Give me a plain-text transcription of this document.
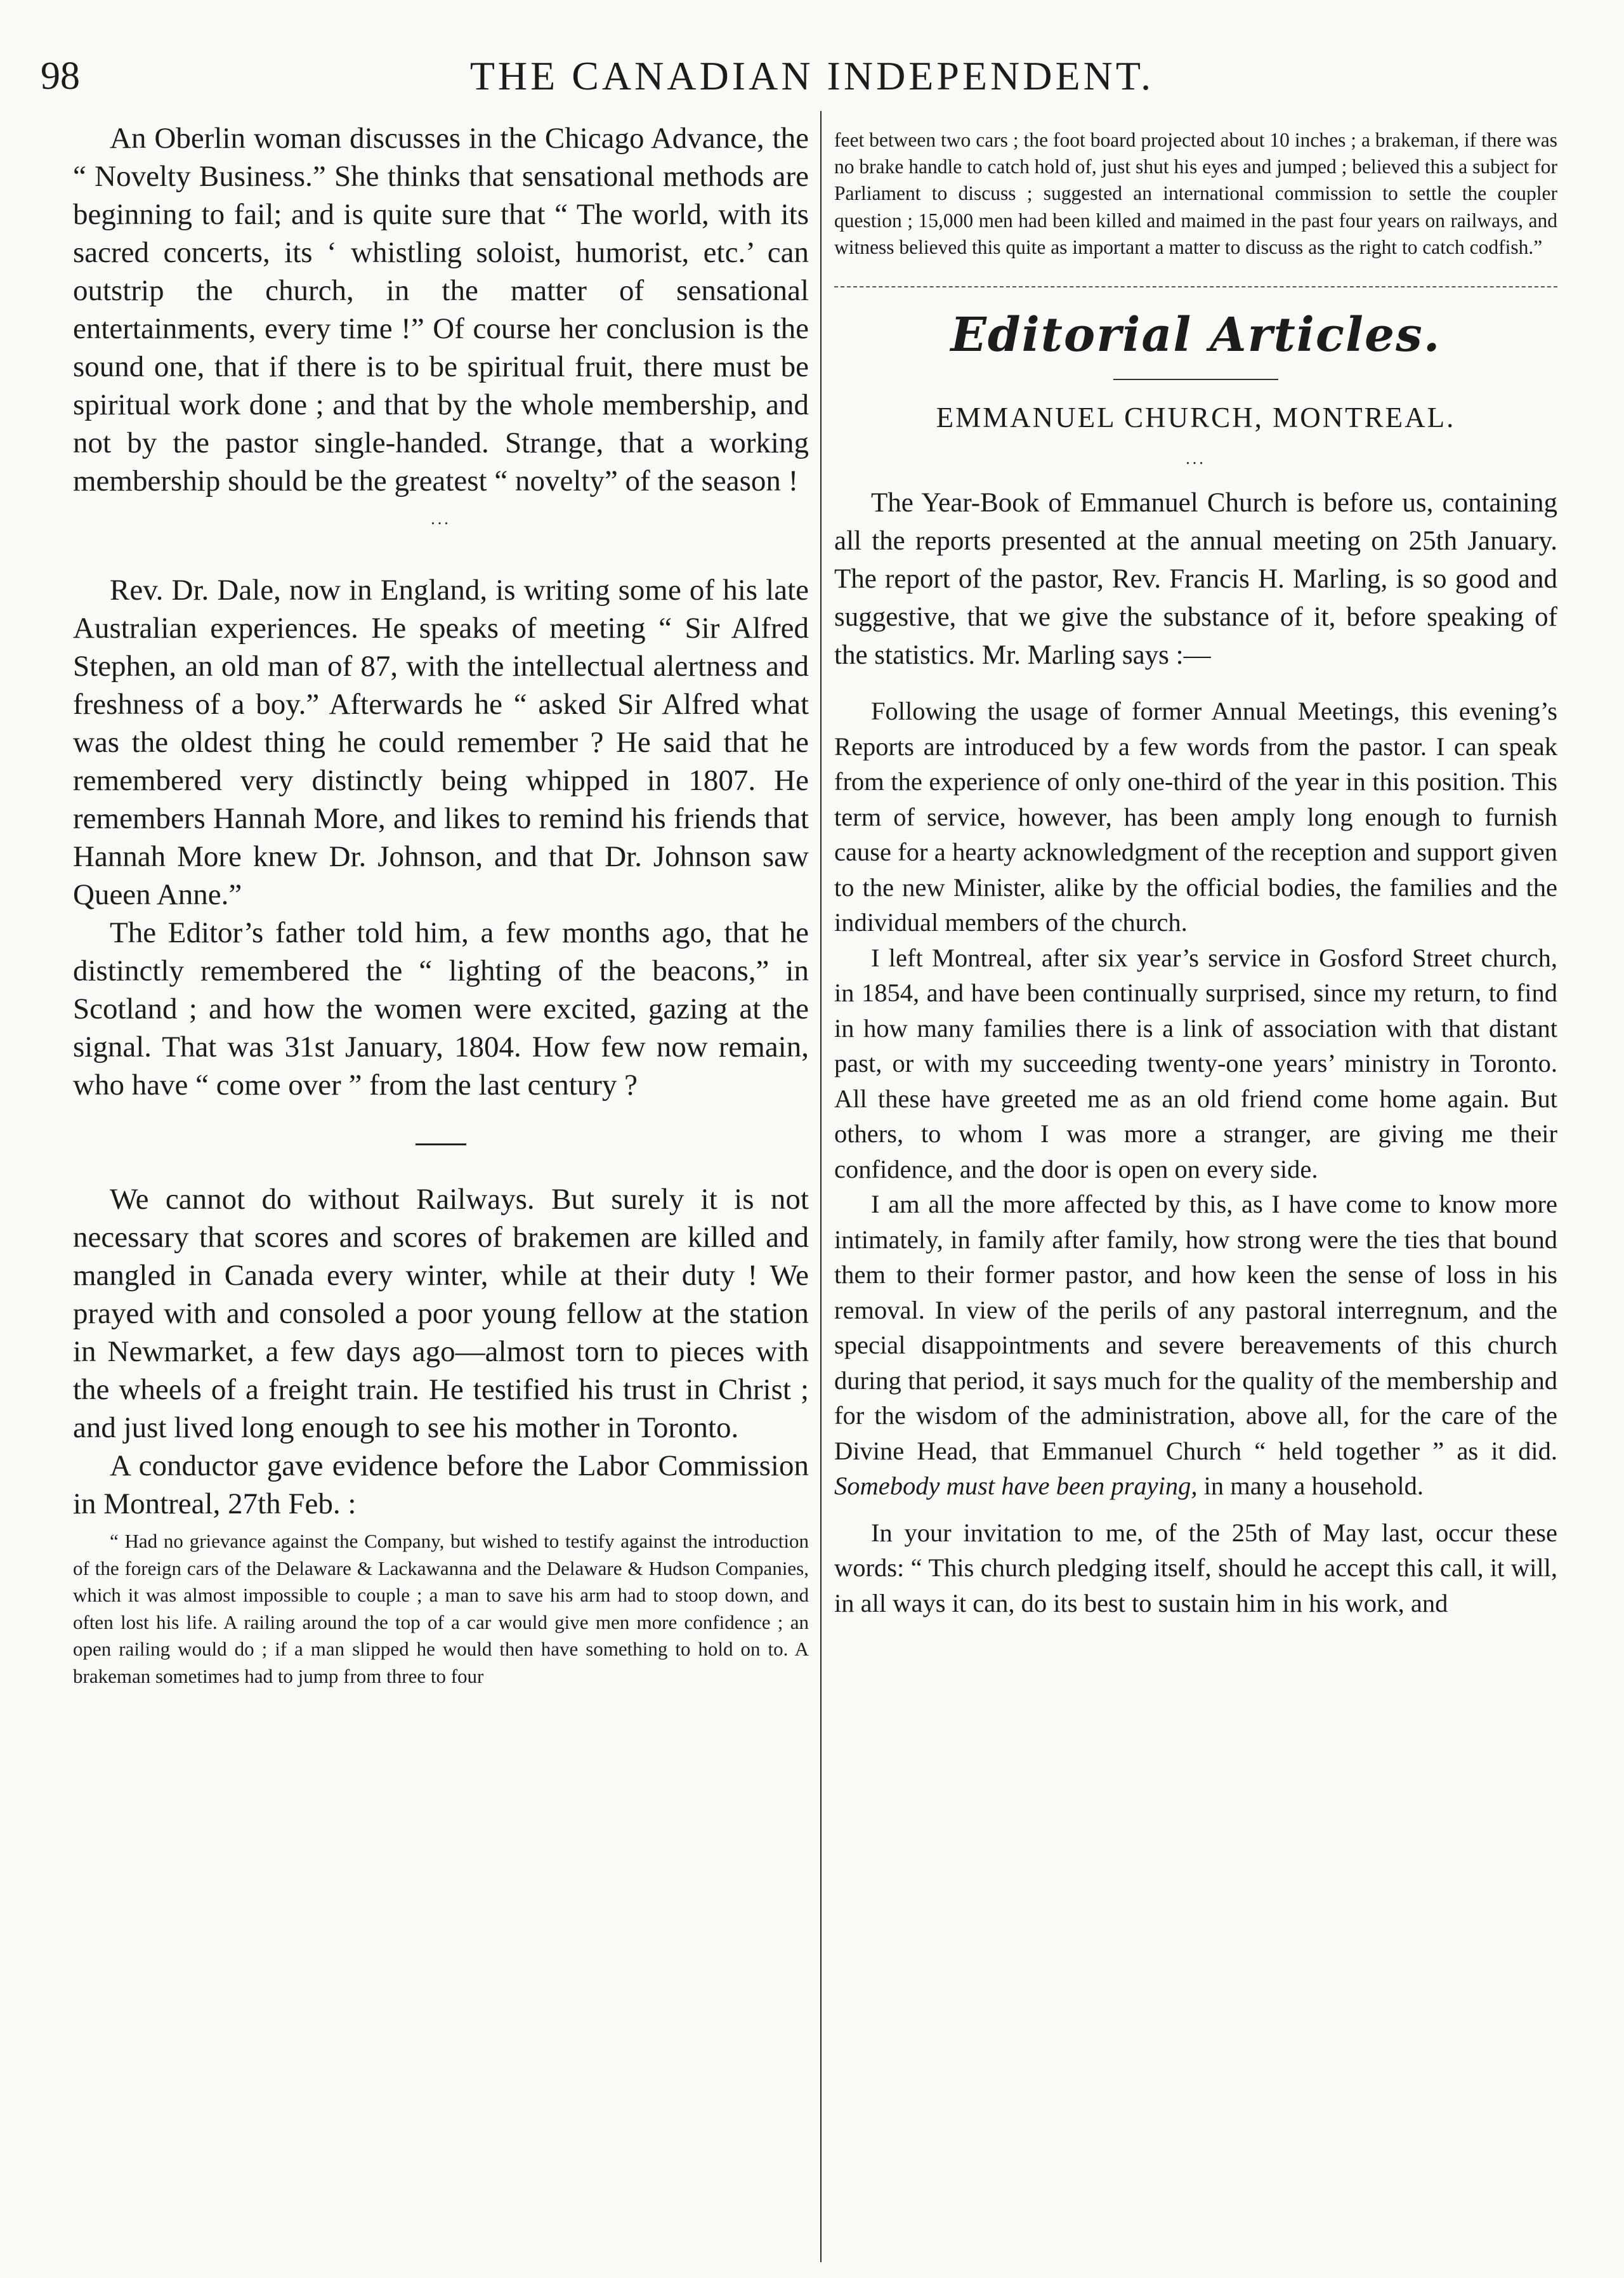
98	THE CANADIAN INDEPENDENT.

An Oberlin woman discusses in the Chicago Advance, the “ Novelty Business.” She thinks that sensational methods are beginning to fail; and is quite sure that “ The world, with its sacred concerts, its ‘ whistling soloist, humorist, etc.’ can outstrip the church, in the matter of sensational entertainments, every time !” Of course her conclusion is the sound one, that if there is to be spiritual fruit, there must be spiritual work done ; and that by the whole membership, and not by the pastor single-handed. Strange, that a working membership should be the greatest “ novelty” of the season !

...

Rev. Dr. Dale, now in England, is writing some of his late Australian experiences. He speaks of meeting “ Sir Alfred Stephen, an old man of 87, with the intellectual alertness and freshness of a boy.” Afterwards he “ asked Sir Alfred what was the oldest thing he could remember ? He said that he remembered very distinctly being whipped in 1807. He remembers Hannah More, and likes to remind his friends that Hannah More knew Dr. Johnson, and that Dr. Johnson saw Queen Anne.”

The Editor’s father told him, a few months ago, that he distinctly remembered the “ lighting of the beacons,” in Scotland ; and how the women were excited, gazing at the signal. That was 31st January, 1804. How few now remain, who have “ come over ” from the last century ?

We cannot do without Railways. But surely it is not necessary that scores and scores of brakemen are killed and mangled in Canada every winter, while at their duty ! We prayed with and consoled a poor young fellow at the station in Newmarket, a few days ago—almost torn to pieces with the wheels of a freight train. He testified his trust in Christ ; and just lived long enough to see his mother in Toronto.

A conductor gave evidence before the Labor Commission in Montreal, 27th Feb. :

“ Had no grievance against the Company, but wished to testify against the introduction of the foreign cars of the Delaware & Lackawanna and the Delaware & Hudson Companies, which it was almost impossible to couple ; a man to save his arm had to stoop down, and often lost his life. A railing around the top of a car would give men more confidence ; an open railing would do ; if a man slipped he would then have something to hold on to. A brakeman sometimes had to jump from three to four

feet between two cars ; the foot board projected about 10 inches ; a brakeman, if there was no brake handle to catch hold of, just shut his eyes and jumped ; believed this a subject for Parliament to discuss ; suggested an international commission to settle the coupler question ; 15,000 men had been killed and maimed in the past four years on railways, and witness believed this quite as important a matter to discuss as the right to catch codfish.”

Editorial Articles.
EMMANUEL CHURCH, MONTREAL.
...

The Year-Book of Emmanuel Church is before us, containing all the reports presented at the annual meeting on 25th January. The report of the pastor, Rev. Francis H. Marling, is so good and suggestive, that we give the substance of it, before speaking of the statistics. Mr. Marling says :—

Following the usage of former Annual Meetings, this evening’s Reports are introduced by a few words from the pastor. I can speak from the experience of only one-third of the year in this position. This term of service, however, has been amply long enough to furnish cause for a hearty acknowledgment of the reception and support given to the new Minister, alike by the official bodies, the families and the individual members of the church.

I left Montreal, after six year’s service in Gosford Street church, in 1854, and have been continually surprised, since my return, to find in how many families there is a link of association with that distant past, or with my succeeding twenty-one years’ ministry in Toronto. All these have greeted me as an old friend come home again. But others, to whom I was more a stranger, are giving me their confidence, and the door is open on every side.

I am all the more affected by this, as I have come to know more intimately, in family after family, how strong were the ties that bound them to their former pastor, and how keen the sense of loss in his removal. In view of the perils of any pastoral interregnum, and the special disappointments and severe bereavements of this church during that period, it says much for the quality of the membership and for the wisdom of the administration, above all, for the care of the Divine Head, that Emmanuel Church “ held together ” as it did. Somebody must have been praying, in many a household.

In your invitation to me, of the 25th of May last, occur these words: “ This church pledging itself, should he accept this call, it will, in all ways it can, do its best to sustain him in his work, and
